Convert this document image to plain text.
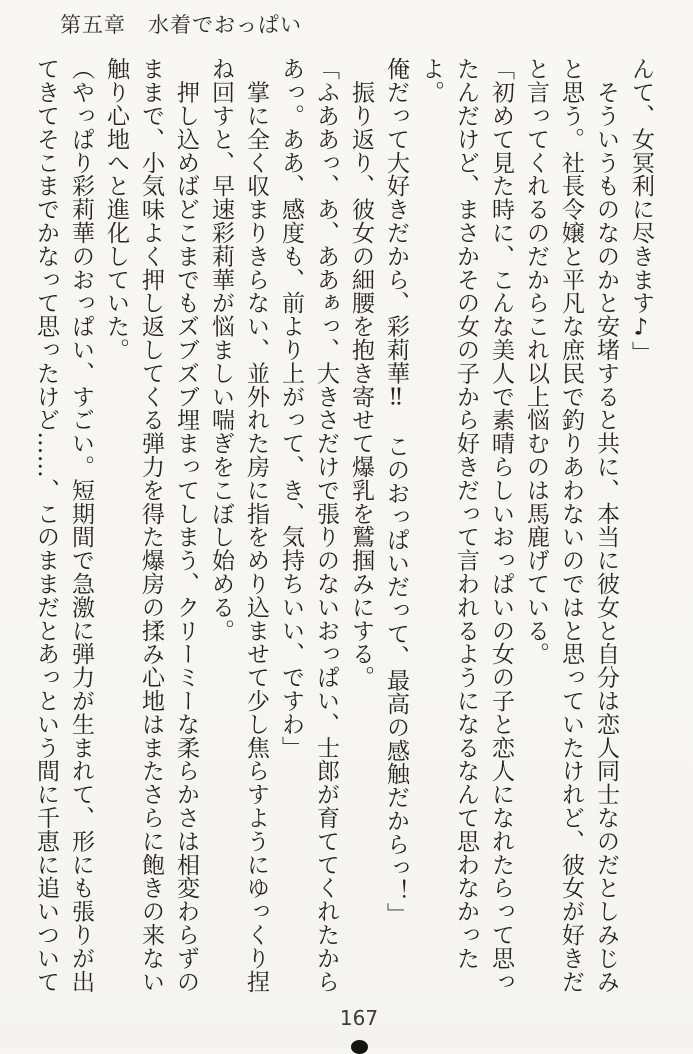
第五章 水着でおっぱい
んて、女冥利に尽きます♪」
　そういうものなのかと安堵すると共に、本当に彼女と自分は恋人同士なのだとしみじみ
と思う。社長令嬢と平凡な庶民で釣りあわないのではと思っていたけれど、彼女が好きだ
と言ってくれるのだからこれ以上悩むのは馬鹿げている。
「初めて見た時に、こんな美人で素晴らしいおっぱいの女の子と恋人になれたらって思っ
たんだけど、まさかその女の子から好きだって言われるようになるなんて思わなかったよ。
俺だって大好きだから、彩莉華‼　このおっぱいだって、最高の感触だからっ！」
　振り返り、彼女の細腰を抱き寄せて爆乳を鷲掴みにする。
「ふああっ、あ、ああぁっ、大きさだけで張りのないおっぱい、士郎が育ててくれたから
あっ。ああ、感度も、前より上がって、き、気持ちいい、ですわ」
　掌に全く収まりきらない、並外れた房に指をめり込ませて少し焦らすようにゆっくり捏
ね回すと、早速彩莉華が悩ましい喘ぎをこぼし始める。
　押し込めばどこまでもズブズブ埋まってしまう、クリーミーな柔らかさは相変わらずの
ままで、小気味よく押し返してくる弾力を得た爆房の揉み心地はまたさらに飽きの来ない
触り心地へと進化していた。
（やっぱり彩莉華のおっぱい、すごい。短期間で急激に弾力が生まれて、形にも張りが出
てきてそこまでかなって思ったけど……、このままだとあっという間に千恵に追いついて
167
